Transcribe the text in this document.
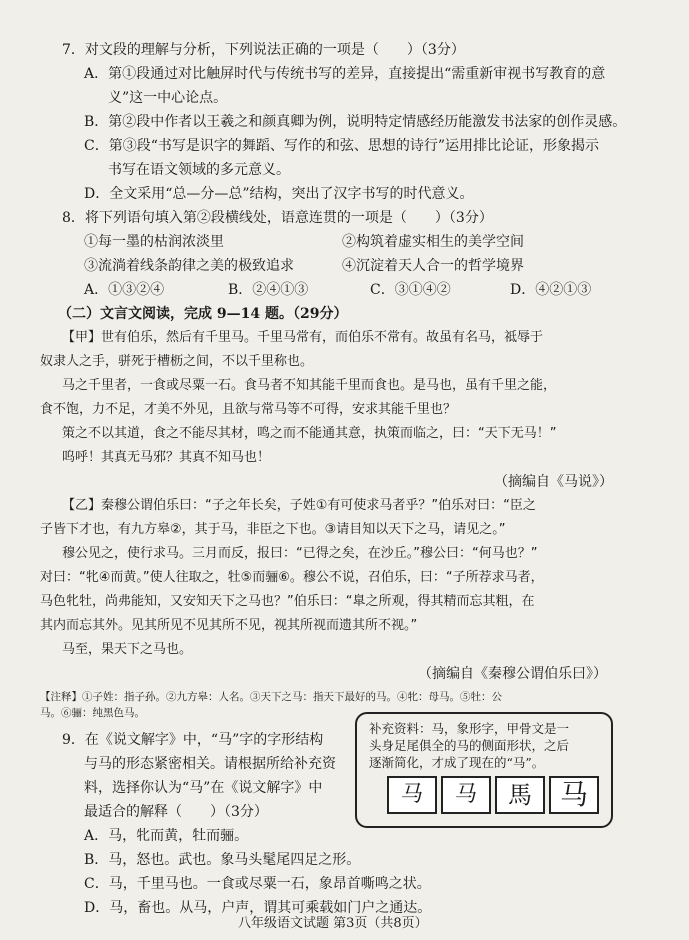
7．对文段的理解与分析，下列说法正确的一项是（　　）（3分）
A．第①段通过对比触屏时代与传统书写的差异，直接提出“需重新审视书写教育的意
义”这一中心论点。
B．第②段中作者以王羲之和颜真卿为例，说明特定情感经历能激发书法家的创作灵感。
C．第③段“书写是识字的舞蹈、写作的和弦、思想的诗行”运用排比论证，形象揭示
书写在语文领域的多元意义。
D．全文采用“总—分—总”结构，突出了汉字书写的时代意义。
8．将下列语句填入第②段横线处，语意连贯的一项是（　　）（3分）
①每一墨的枯润浓淡里	②构筑着虚实相生的美学空间
③流淌着线条韵律之美的极致追求	④沉淀着天人合一的哲学境界
A．①③②④	B．②④①③	C．③①④②	D．④②①③
（二）文言文阅读，完成 9—14 题。（29分）
【甲】世有伯乐，然后有千里马。千里马常有，而伯乐不常有。故虽有名马，祗辱于
奴隶人之手，骈死于槽枥之间，不以千里称也。
马之千里者，一食或尽粟一石。食马者不知其能千里而食也。是马也，虽有千里之能，
食不饱，力不足，才美不外见，且欲与常马等不可得，安求其能千里也？
策之不以其道，食之不能尽其材，鸣之而不能通其意，执策而临之，曰：“天下无马！”
呜呼！其真无马邪？其真不知马也！
（摘编自《马说》）
【乙】秦穆公谓伯乐曰：“子之年长矣，子姓①有可使求马者乎？”伯乐对曰：“臣之
子皆下才也，有九方皋②，其于马，非臣之下也。③请目知以天下之马，请见之。”
穆公见之，使行求马。三月而反，报曰：“已得之矣，在沙丘。”穆公曰：“何马也？”
对曰：“牝④而黄。”使人往取之，牡⑤而骊⑥。穆公不说，召伯乐，曰：“子所荐求马者，
马色牝牡，尚弗能知，又安知天下之马也？”伯乐曰：“臯之所观，得其精而忘其粗，在
其内而忘其外。见其所见不见其所不见，视其所视而遗其所不视。”
马至，果天下之马也。
（摘编自《秦穆公谓伯乐曰》）
【注释】①子姓：指子孙。②九方皋：人名。③天下之马：指天下最好的马。④牝：母马。⑤牡：公
马。⑥骊：纯黑色马。
9．在《说文解字》中，“马”字的字形结构
与马的形态紧密相关。请根据所给补充资
料，选择你认为“马”在《说文解字》中
最适合的解释（　　）（3分）
A．马，牝而黄，牡而骊。
B．马，怒也。武也。象马头髦尾四足之形。
C．马，千里马也。一食或尽粟一石，象昂首嘶鸣之状。
D．马，畜也。从马，户声，谓其可乘载如门户之通达。
补充资料：马，象形字，甲骨文是一
头身足尾俱全的马的侧面形状，之后
逐渐简化，才成了现在的“马”。
马 马 馬 马
八年级语文试题 第3页（共8页）
